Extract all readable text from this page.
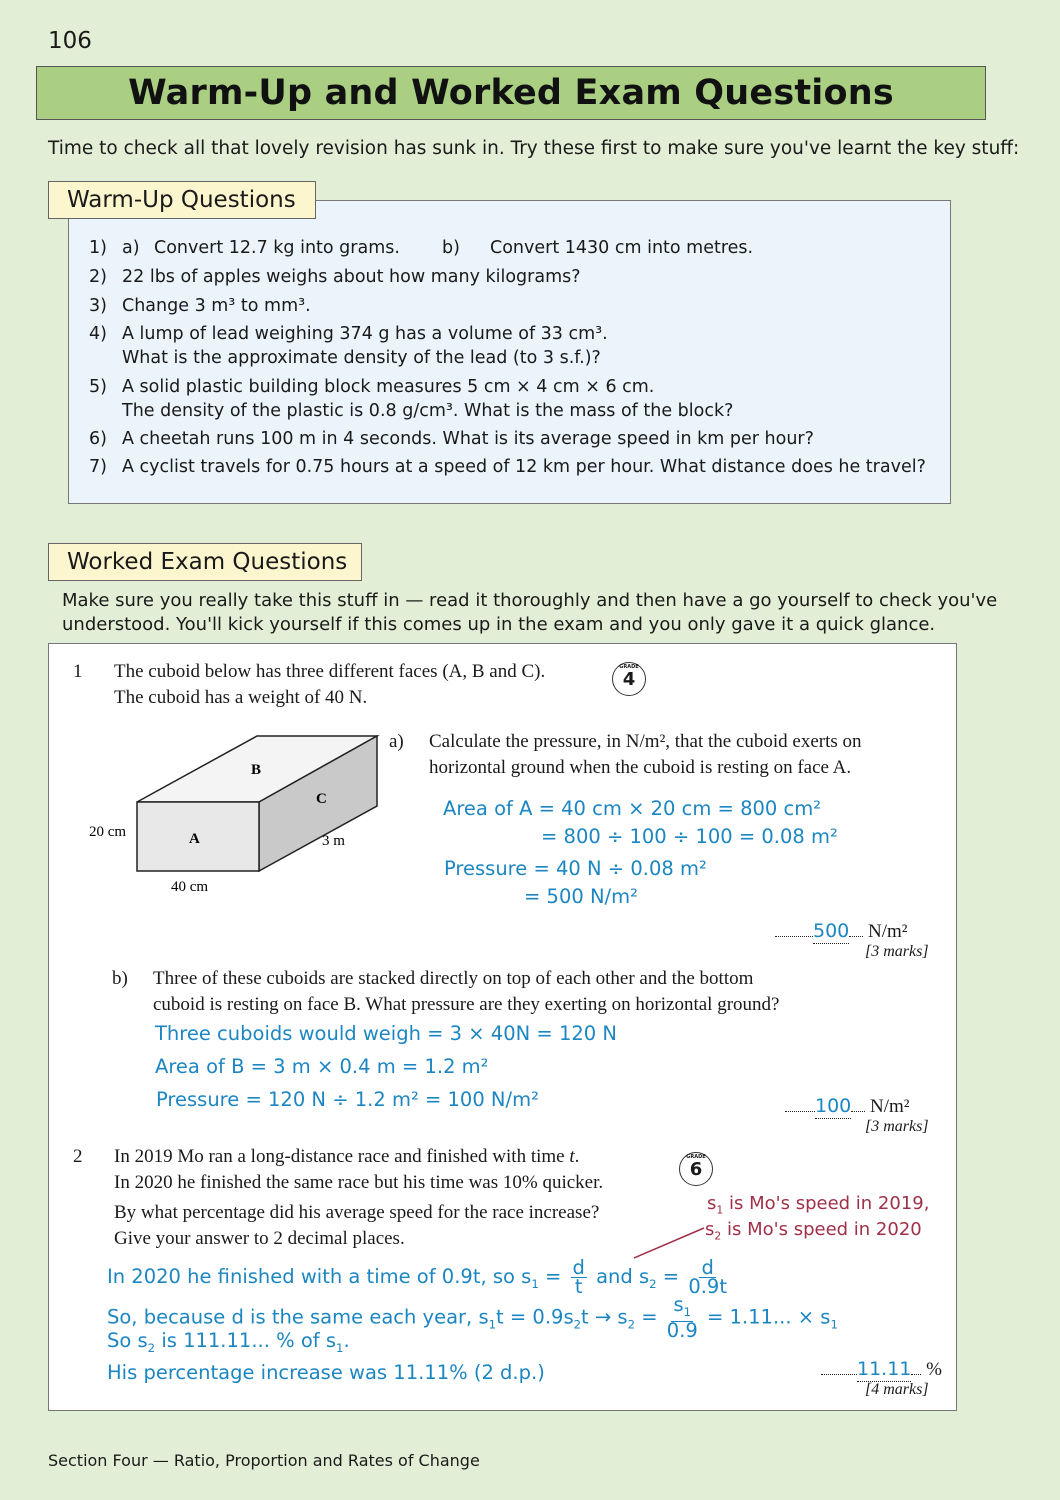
106
Warm-Up and Worked Exam Questions
Time to check all that lovely revision has sunk in. Try these first to make sure you've learnt the key stuff:
1) a) Convert 12.7 kg into grams. b) Convert 1430 cm into metres.
2) 22 lbs of apples weighs about how many kilograms?
3) Change 3 m³ to mm³.
4) A lump of lead weighing 374 g has a volume of 33 cm³.
What is the approximate density of the lead (to 3 s.f.)?
5) A solid plastic building block measures 5 cm × 4 cm × 6 cm.
The density of the plastic is 0.8 g/cm³. What is the mass of the block?
6) A cheetah runs 100 m in 4 seconds. What is its average speed in km per hour?
7) A cyclist travels for 0.75 hours at a speed of 12 km per hour. What distance does he travel?
Warm-Up Questions
Worked Exam Questions
Make sure you really take this stuff in — read it thoroughly and then have a go yourself to check you've
understood. You'll kick yourself if this comes up in the exam and you only gave it a quick glance.
1 The cuboid below has three different faces (A, B and C).
The cuboid has a weight of 40 N.
4
GRADE
B
C
A
20 cm
40 cm
3 m
a) Calculate the pressure, in N/m², that the cuboid exerts on
horizontal ground when the cuboid is resting on face A.
Area of A = 40 cm × 20 cm = 800 cm²
= 800 ÷ 100 ÷ 100 = 0.08 m²
Pressure = 40 N ÷ 0.08 m²
= 500 N/m²
500 N/m²
[3 marks]
b) Three of these cuboids are stacked directly on top of each other and the bottom
cuboid is resting on face B. What pressure are they exerting on horizontal ground?
Three cuboids would weigh = 3 × 40N = 120 N
Area of B = 3 m × 0.4 m = 1.2 m²
Pressure = 120 N ÷ 1.2 m² = 100 N/m²	100 N/m²
[3 marks]
2 In 2019 Mo ran a long-distance race and finished with time t.
In 2020 he finished the same race but his time was 10% quicker.
By what percentage did his average speed for the race increase?
Give your answer to 2 decimal places.
6
GRADE
$s_1$ is Mo's speed in 2019,
$s_2$ is Mo's speed in 2020
In 2020 he finished with a time of 0.9t, so $s_1 = \frac{d}{t}$ and $s_2 = \frac{d}{0.9t}$
So, because d is the same each year, $s_1t = 0.9s_2t \to s_2 = \frac{s_1}{0.9} = 1.11$... × $s_1$
So $s_2$ is 111.11... % of $s_1$.
His percentage increase was 11.11% (2 d.p.)	11.11 %
[4 marks]
Section Four — Ratio, Proportion and Rates of Change
